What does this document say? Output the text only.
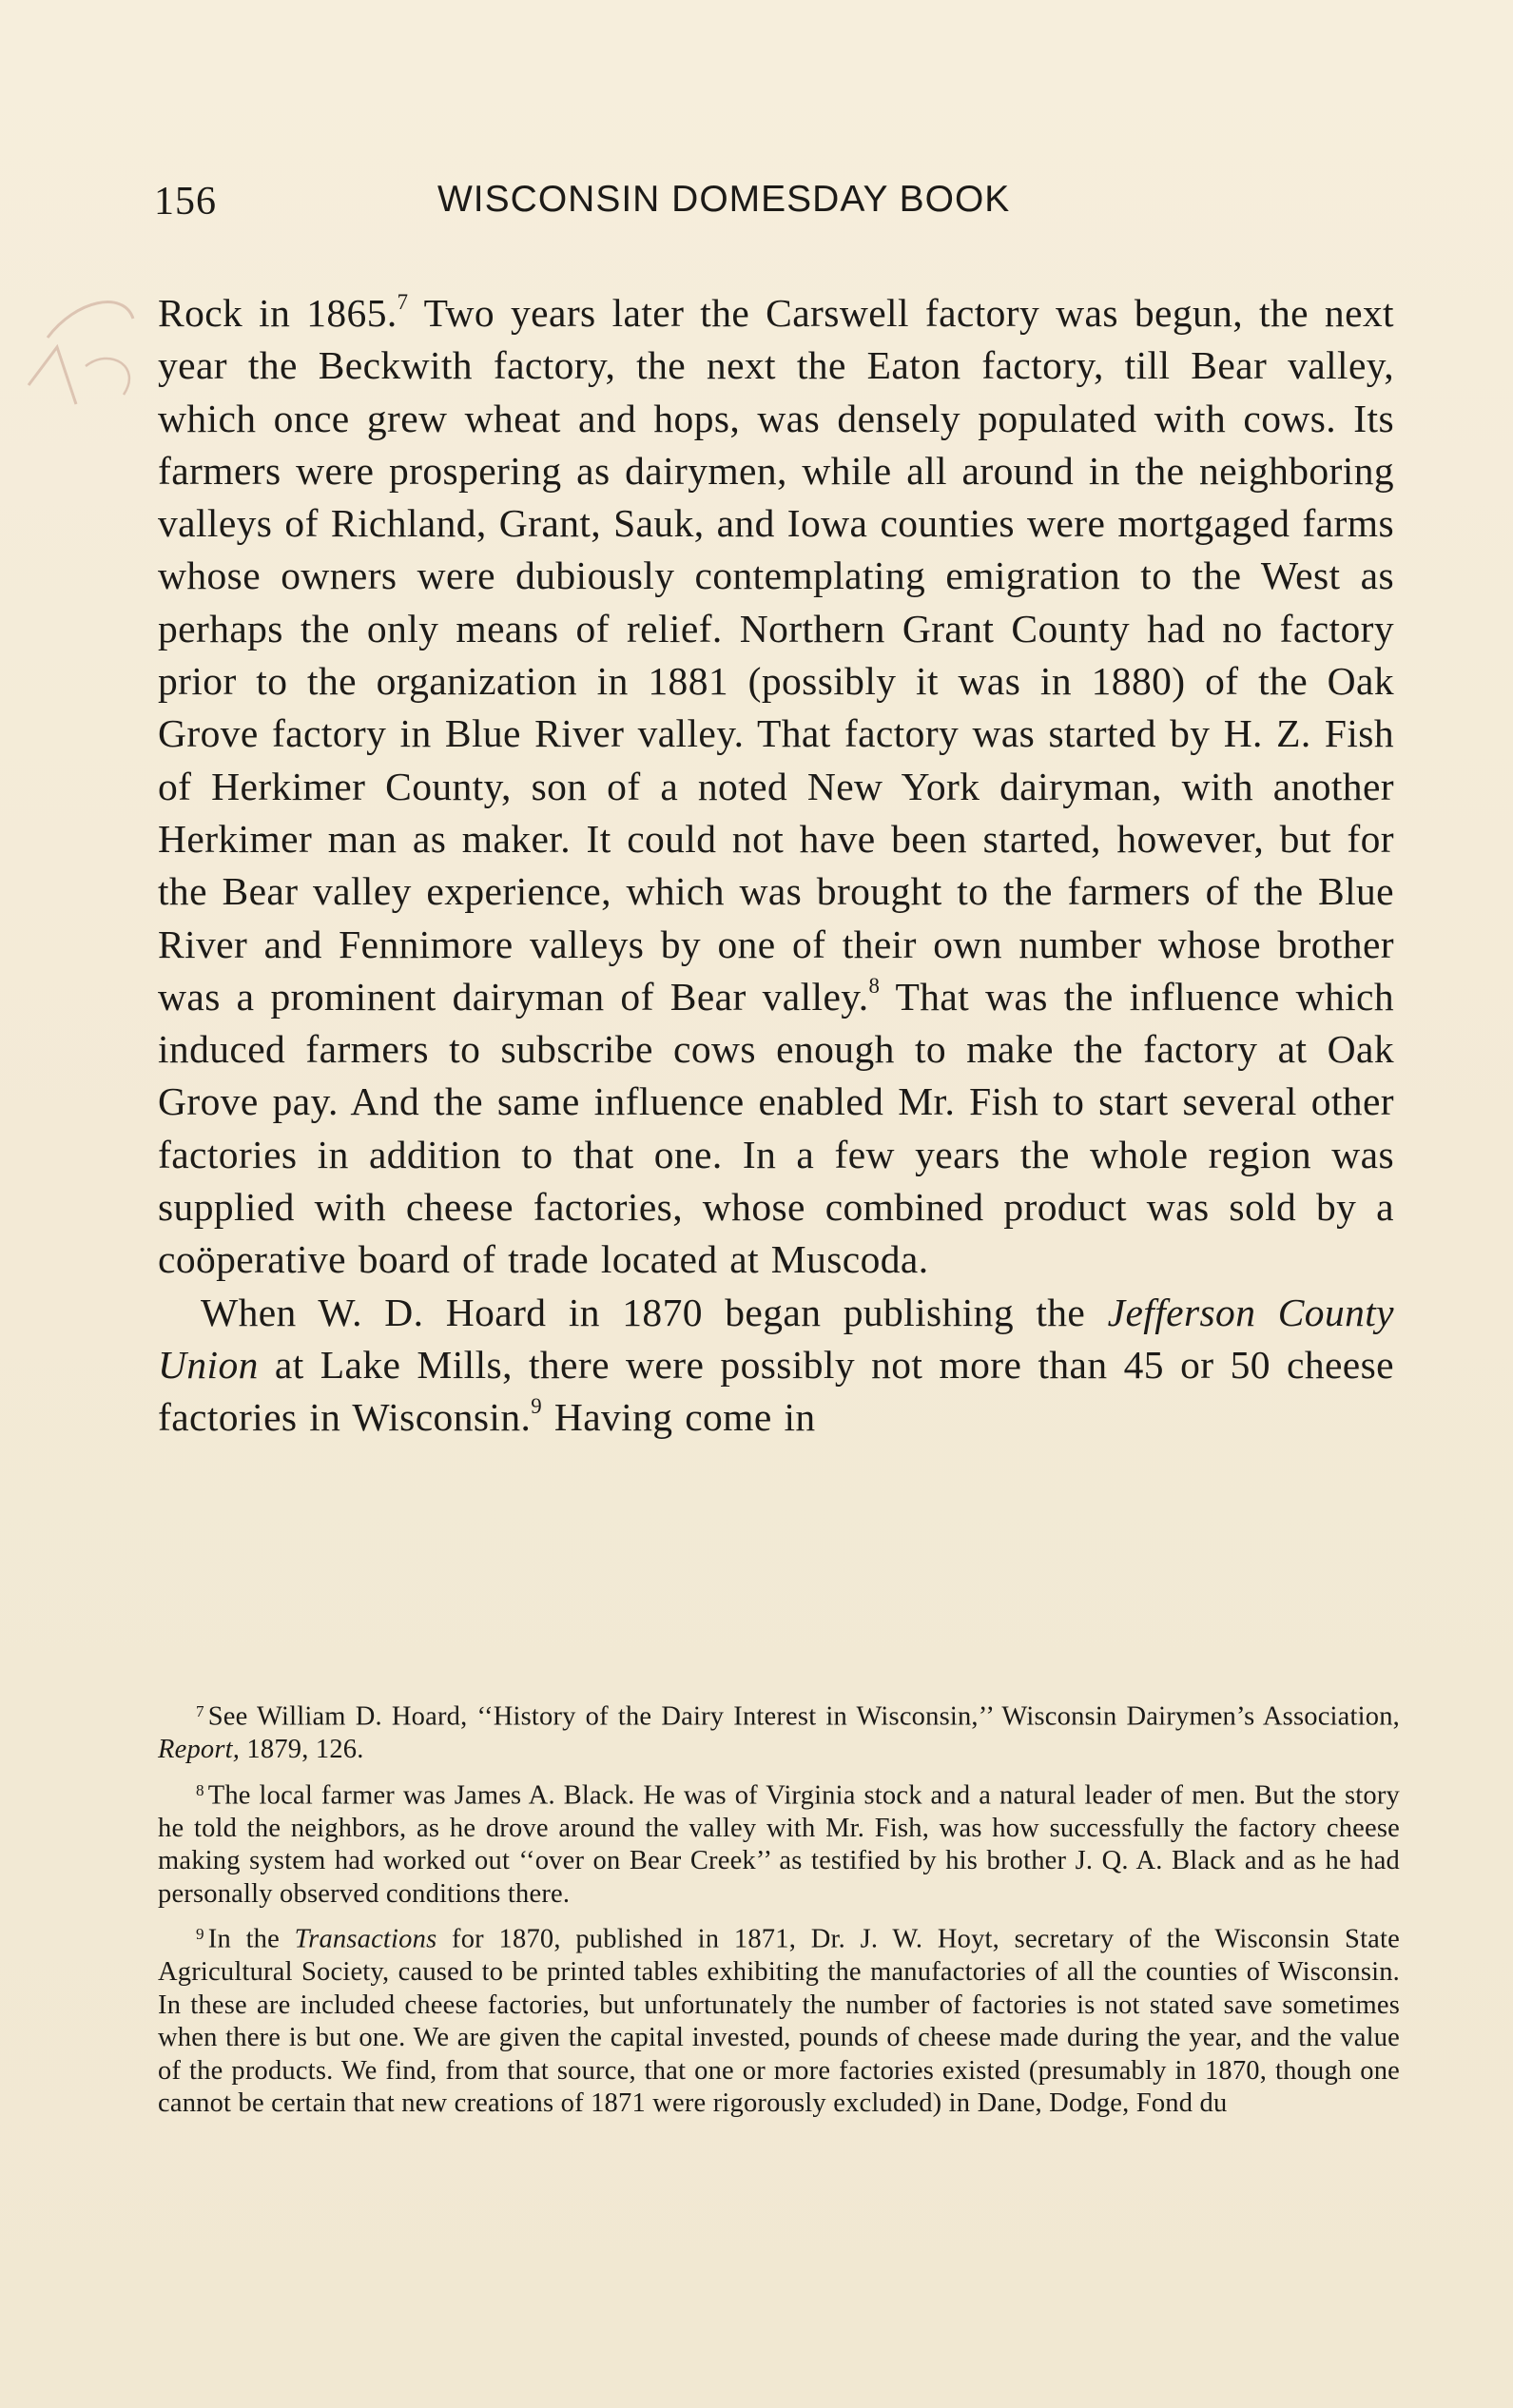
156	WISCONSIN DOMESDAY BOOK

Rock in 1865.$^7$ Two years later the Carswell factory was begun, the next year the Beckwith factory, the next the Eaton factory, till Bear valley, which once grew wheat and hops, was densely populated with cows. Its farmers were prospering as dairymen, while all around in the neighboring valleys of Richland, Grant, Sauk, and Iowa counties were mortgaged farms whose owners were dubiously contemplating emigration to the West as perhaps the only means of relief. Northern Grant County had no factory prior to the organization in 1881 (possibly it was in 1880) of the Oak Grove factory in Blue River valley. That factory was started by H. Z. Fish of Herkimer County, son of a noted New York dairyman, with another Herkimer man as maker. It could not have been started, however, but for the Bear valley experience, which was brought to the farmers of the Blue River and Fennimore valleys by one of their own number whose brother was a prominent dairyman of Bear valley.$^8$ That was the influence which induced farmers to subscribe cows enough to make the factory at Oak Grove pay. And the same influence enabled Mr. Fish to start several other factories in addition to that one. In a few years the whole region was supplied with cheese factories, whose combined product was sold by a coöperative board of trade located at Muscoda.

When W. D. Hoard in 1870 began publishing the Jefferson County Union at Lake Mills, there were possibly not more than 45 or 50 cheese factories in Wisconsin.$^9$ Having come in

$^7$ See William D. Hoard, ‘‘History of the Dairy Interest in Wisconsin,’’ Wisconsin Dairymen’s Association, Report, 1879, 126.

$^8$ The local farmer was James A. Black. He was of Virginia stock and a natural leader of men. But the story he told the neighbors, as he drove around the valley with Mr. Fish, was how successfully the factory cheese making system had worked out ‘‘over on Bear Creek’’ as testified by his brother J. Q. A. Black and as he had personally observed conditions there.

$^9$ In the Transactions for 1870, published in 1871, Dr. J. W. Hoyt, secretary of the Wisconsin State Agricultural Society, caused to be printed tables exhibiting the manufactories of all the counties of Wisconsin. In these are included cheese factories, but unfortunately the number of factories is not stated save sometimes when there is but one. We are given the capital invested, pounds of cheese made during the year, and the value of the products. We find, from that source, that one or more factories existed (presumably in 1870, though one cannot be certain that new creations of 1871 were rigorously excluded) in Dane, Dodge, Fond du
